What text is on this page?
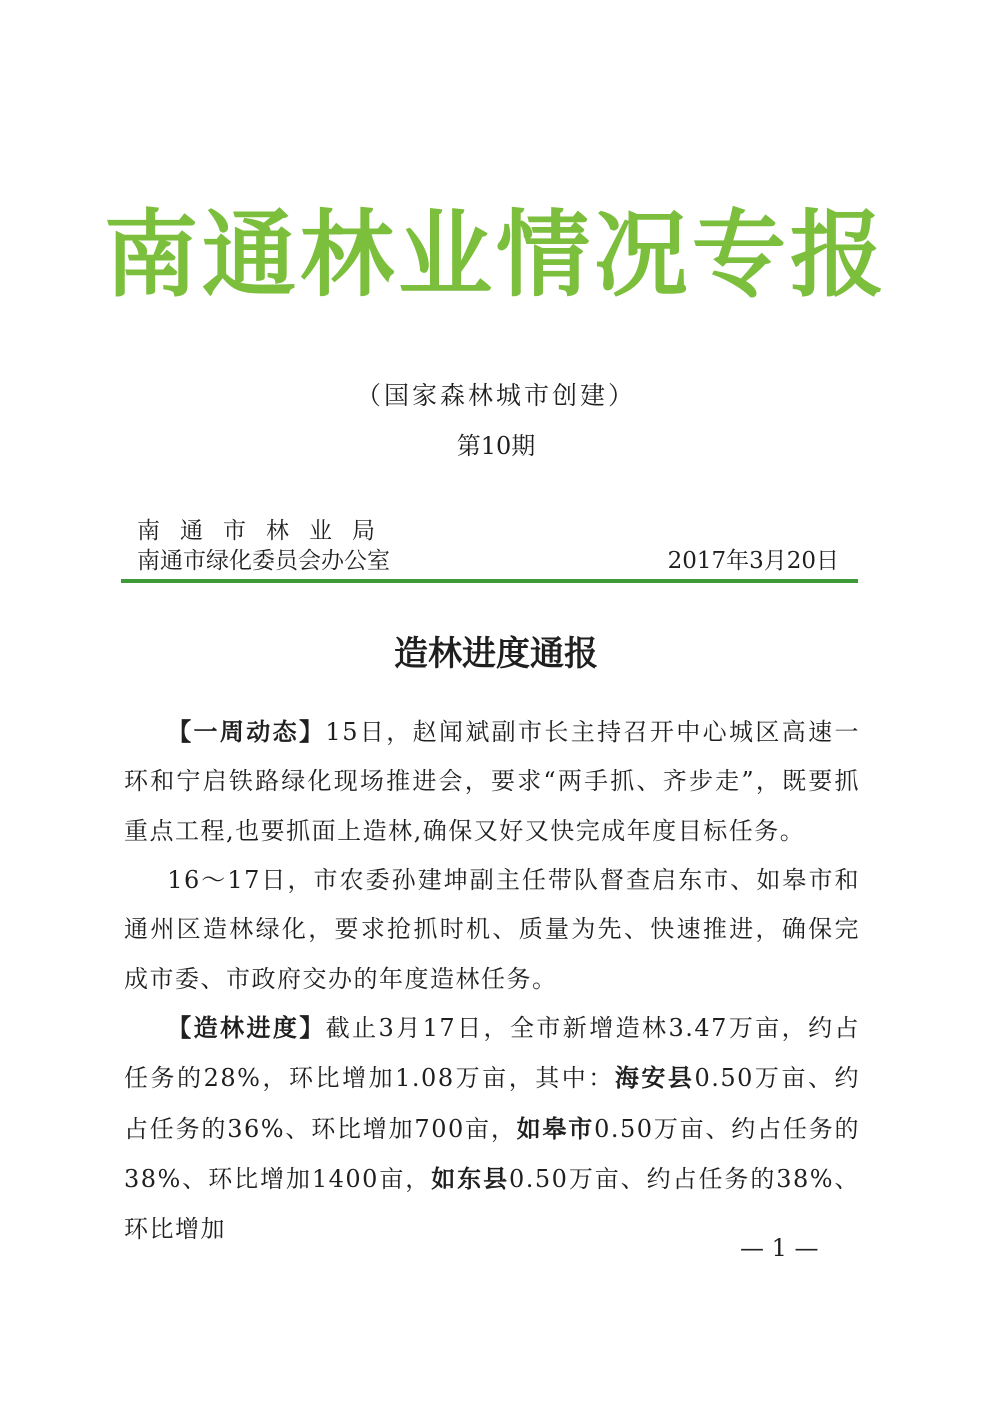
南通林业情况专报
（国家森林城市创建）
第10期
南通市林业局
南通市绿化委员会办公室	2017年3月20日
造林进度通报

【一周动态】15日，赵闻斌副市长主持召开中心城区高速一环和宁启铁路绿化现场推进会，要求“两手抓、齐步走”，既要抓重点工程,也要抓面上造林,确保又好又快完成年度目标任务。

16～17日，市农委孙建坤副主任带队督查启东市、如皋市和通州区造林绿化，要求抢抓时机、质量为先、快速推进，确保完成市委、市政府交办的年度造林任务。

【造林进度】截止3月17日，全市新增造林3.47万亩，约占任务的28%，环比增加1.08万亩，其中：海安县0.50万亩、约占任务的36%、环比增加700亩，如皋市0.50万亩、约占任务的38%、环比增加1400亩，如东县0.50万亩、约占任务的38%、环比增加

— 1 —
